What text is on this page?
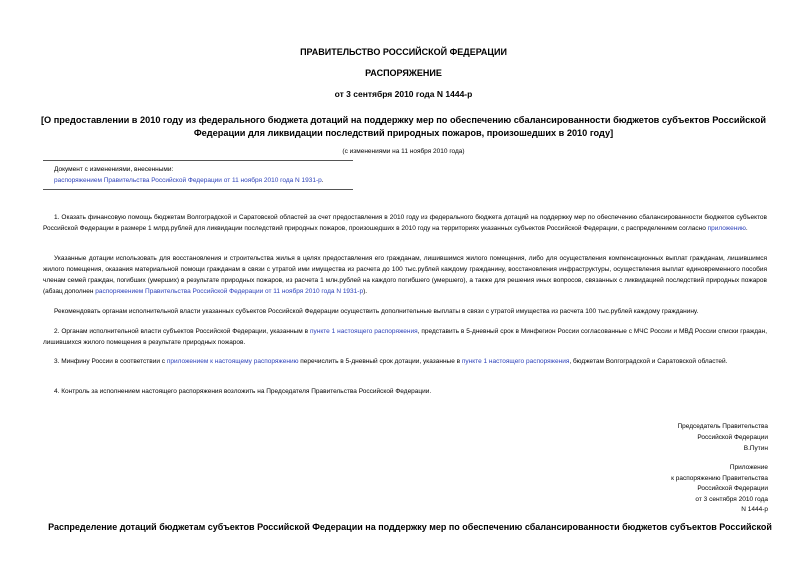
ПРАВИТЕЛЬСТВО РОССИЙСКОЙ ФЕДЕРАЦИИ
РАСПОРЯЖЕНИЕ
от 3 сентября 2010 года N 1444-р
[О предоставлении в 2010 году из федерального бюджета дотаций на поддержку мер по обеспечению сбалансированности бюджетов субъектов Российской Федерации для ликвидации последствий природных пожаров, произошедших в 2010 году]
(с изменениями на 11 ноября 2010 года)
Документ с изменениями, внесенными:
распоряжением Правительства Российской Федерации от 11 ноября 2010 года N 1931-р.
1. Оказать финансовую помощь бюджетам Волгоградской и Саратовской областей за счет предоставления в 2010 году из федерального бюджета дотаций на поддержку мер по обеспечению сбалансированности бюджетов субъектов Российской Федерации в размере 1 млрд.рублей для ликвидации последствий природных пожаров, произошедших в 2010 году на территориях указанных субъектов Российской Федерации, с распределением согласно приложению.
Указанные дотации использовать для восстановления и строительства жилья в целях предоставления его гражданам, лишившимся жилого помещения, либо для осуществления компенсационных выплат гражданам, лишившимся жилого помещения, оказания материальной помощи гражданам в связи с утратой ими имущества из расчета до 100 тыс.рублей каждому гражданину, восстановления инфраструктуры, осуществления выплат единовременного пособия членам семей граждан, погибших (умерших) в результате природных пожаров, из расчета 1 млн.рублей на каждого погибшего (умершего), а также для решения иных вопросов, связанных с ликвидацией последствий природных пожаров (абзац дополнен распоряжением Правительства Российской Федерации от 11 ноября 2010 года N 1931-р).
Рекомендовать органам исполнительной власти указанных субъектов Российской Федерации осуществить дополнительные выплаты в связи с утратой имущества из расчета 100 тыс.рублей каждому гражданину.
2. Органам исполнительной власти субъектов Российской Федерации, указанным в пункте 1 настоящего распоряжения, представить в 5-дневный срок в Минфегион России согласованные с МЧС России и МВД России списки граждан, лишившихся жилого помещения в результате природных пожаров.
3. Минфину России в соответствии с приложением к настоящему распоряжению перечислить в 5-дневный срок дотации, указанные в пункте 1 настоящего распоряжения, бюджетам Волгоградской и Саратовской областей.
4. Контроль за исполнением настоящего распоряжения возложить на Председателя Правительства Российской Федерации.
Председатель Правительства
Российской Федерации
В.Путин
Приложение
к распоряжению Правительства
Российской Федерации
от 3 сентября 2010 года
N 1444-р
Распределение дотаций бюджетам субъектов Российской Федерации на поддержку мер по обеспечению сбалансированности бюджетов субъектов Российской
